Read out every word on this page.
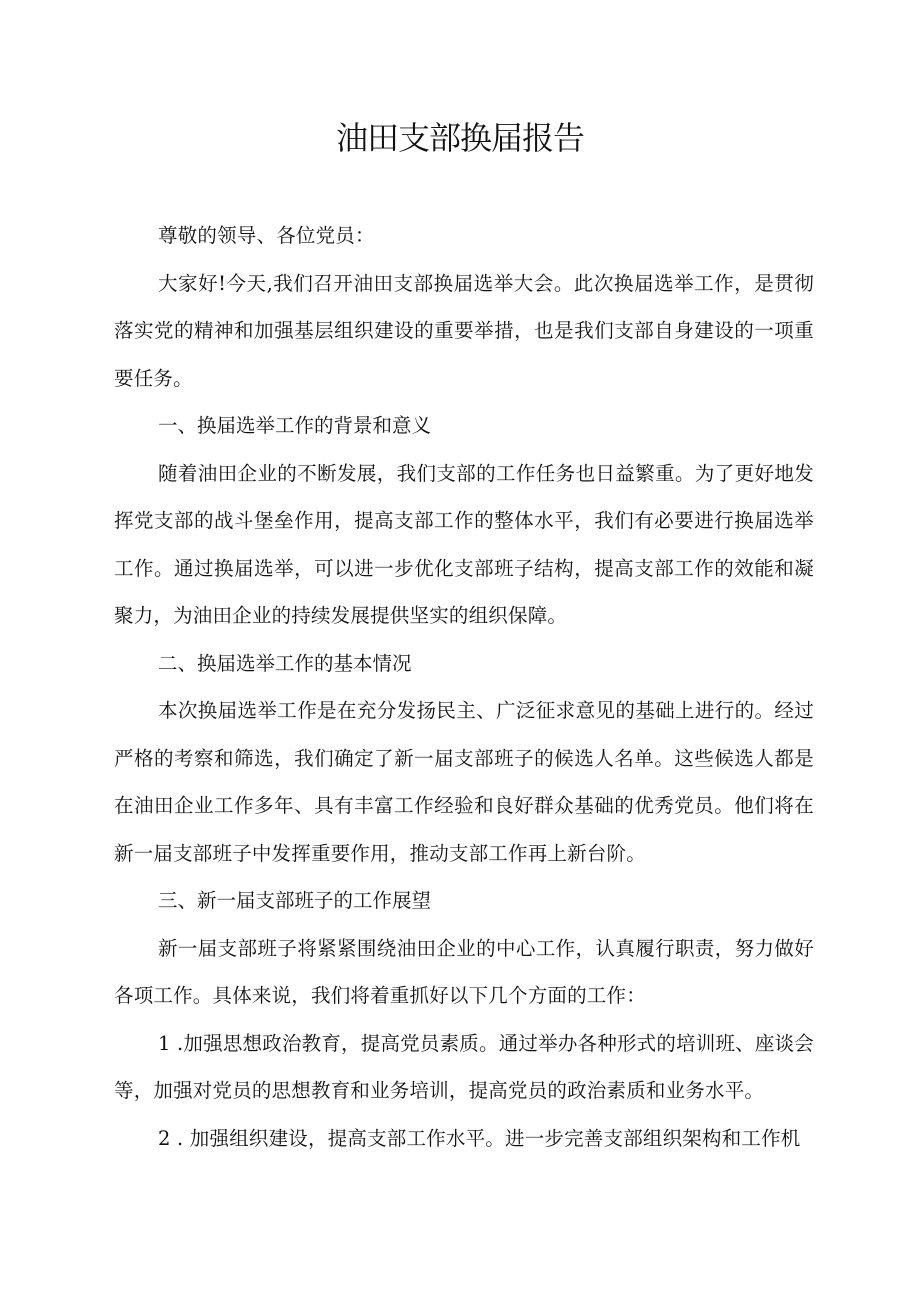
油田支部换届报告

尊敬的领导、各位党员：

大家好!今天,我们召开油田支部换届选举大会。此次换届选举工作，是贯彻落实党的精神和加强基层组织建设的重要举措，也是我们支部自身建设的一项重要任务。

一、换届选举工作的背景和意义

随着油田企业的不断发展，我们支部的工作任务也日益繁重。为了更好地发挥党支部的战斗堡垒作用，提高支部工作的整体水平，我们有必要进行换届选举工作。通过换届选举，可以进一步优化支部班子结构，提高支部工作的效能和凝聚力，为油田企业的持续发展提供坚实的组织保障。

二、换届选举工作的基本情况

本次换届选举工作是在充分发扬民主、广泛征求意见的基础上进行的。经过严格的考察和筛选，我们确定了新一届支部班子的候选人名单。这些候选人都是在油田企业工作多年、具有丰富工作经验和良好群众基础的优秀党员。他们将在新一届支部班子中发挥重要作用，推动支部工作再上新台阶。

三、新一届支部班子的工作展望

新一届支部班子将紧紧围绕油田企业的中心工作，认真履行职责，努力做好各项工作。具体来说，我们将着重抓好以下几个方面的工作：

1 .加强思想政治教育，提高党员素质。通过举办各种形式的培训班、座谈会等，加强对党员的思想教育和业务培训，提高党员的政治素质和业务水平。

2 . 加强组织建设，提高支部工作水平。进一步完善支部组织架构和工作机
